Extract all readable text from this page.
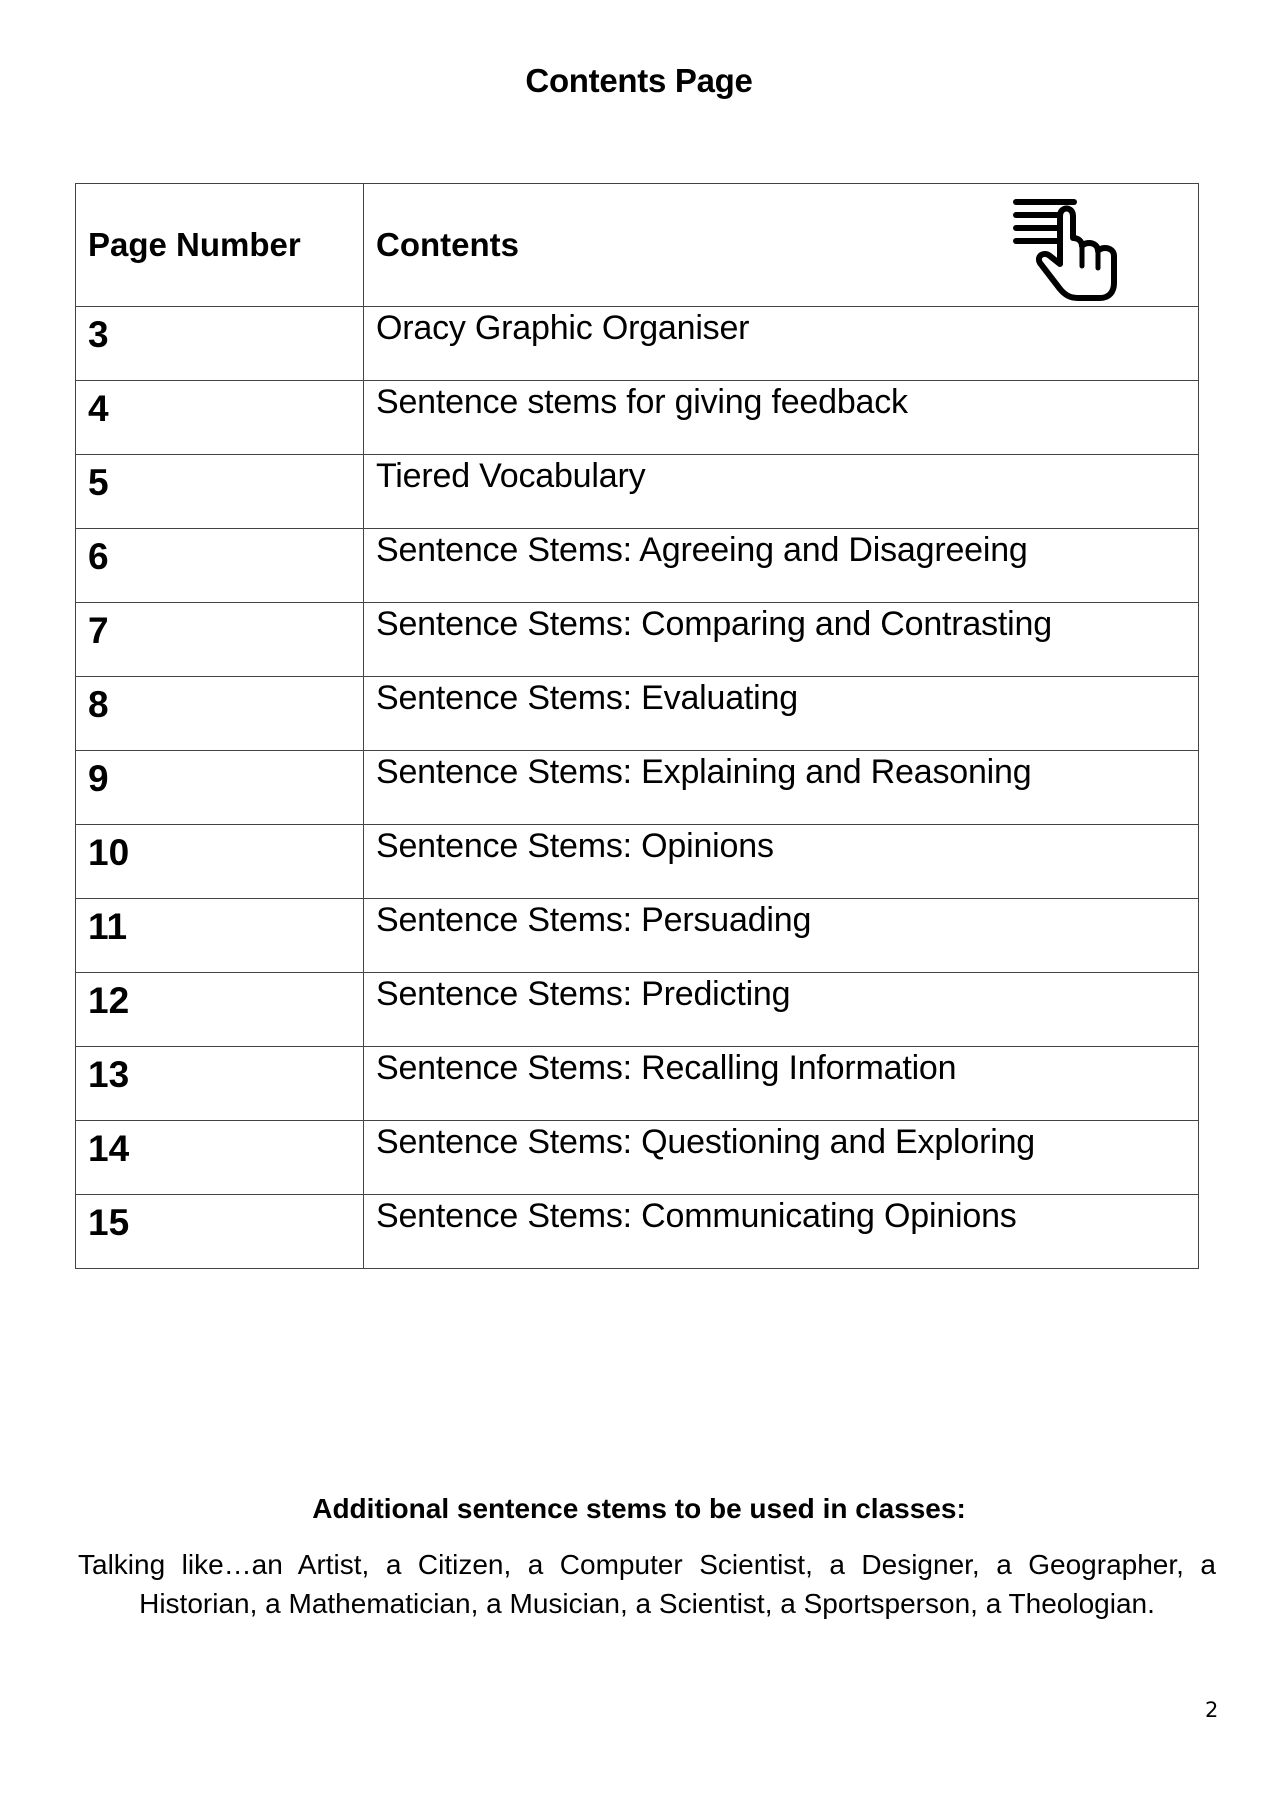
Contents Page
Page Number	Contents

3	Oracy Graphic Organiser
4	Sentence stems for giving feedback
5	Tiered Vocabulary
6	Sentence Stems: Agreeing and Disagreeing
7	Sentence Stems: Comparing and Contrasting
8	Sentence Stems: Evaluating
9	Sentence Stems: Explaining and Reasoning
10	Sentence Stems: Opinions
11	Sentence Stems: Persuading
12	Sentence Stems: Predicting
13	Sentence Stems: Recalling Information
14	Sentence Stems: Questioning and Exploring
15	Sentence Stems: Communicating Opinions
Additional sentence stems to be used in classes:
Talking like…an Artist, a Citizen, a Computer Scientist, a Designer, a Geographer, a Historian, a Mathematician, a Musician, a Scientist, a Sportsperson, a Theologian.
2
